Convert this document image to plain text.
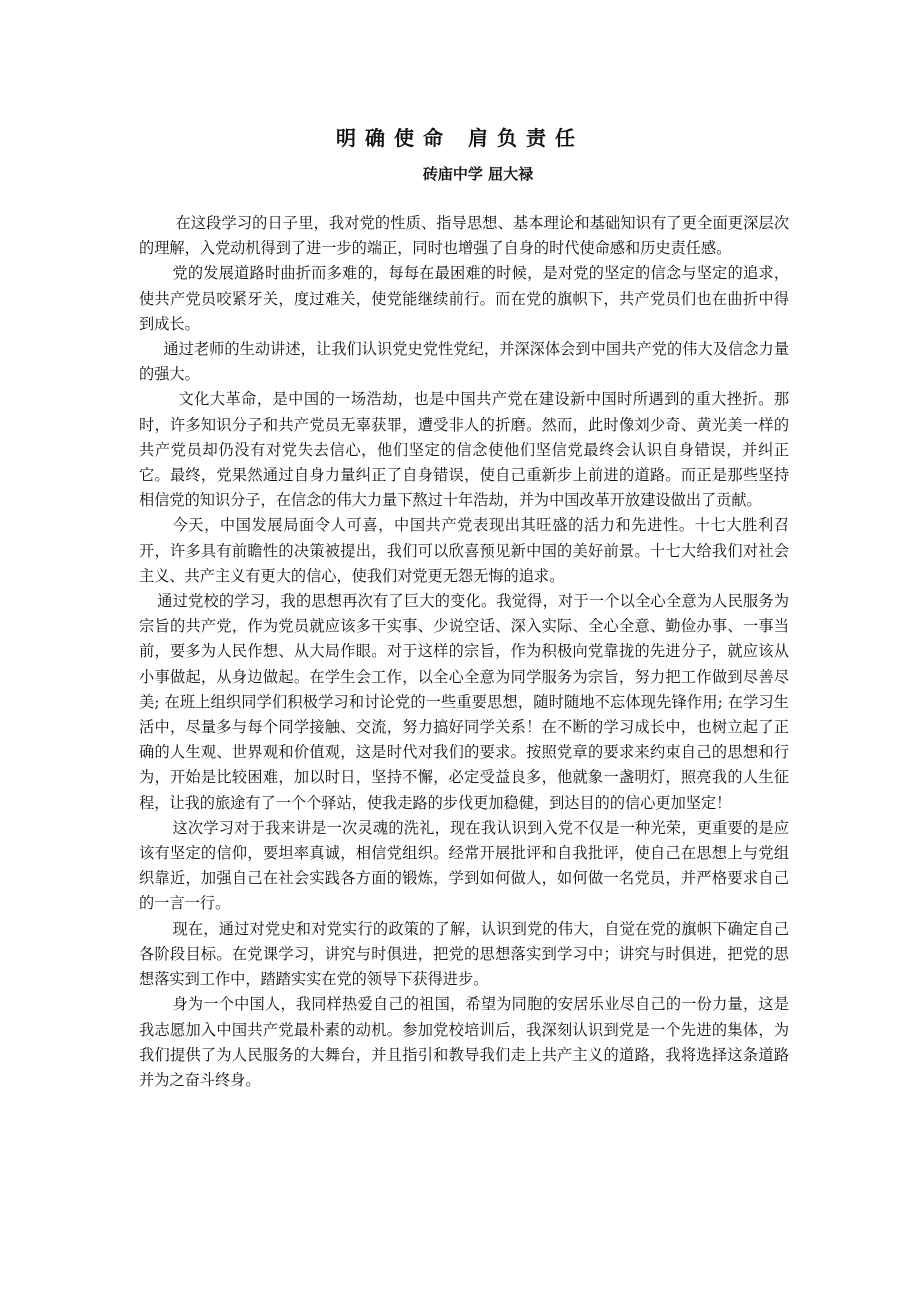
明确使命 肩负责任
砖庙中学 屈大禄

在这段学习的日子里，我对党的性质、指导思想、基本理论和基础知识有了更全面更深层次的理解，入党动机得到了进一步的端正，同时也增强了自身的时代使命感和历史责任感。

党的发展道路时曲折而多难的，每每在最困难的时候，是对党的坚定的信念与坚定的追求，使共产党员咬紧牙关，度过难关，使党能继续前行。而在党的旗帜下，共产党员们也在曲折中得到成长。

通过老师的生动讲述，让我们认识党史党性党纪，并深深体会到中国共产党的伟大及信念力量的强大。

文化大革命，是中国的一场浩劫，也是中国共产党在建设新中国时所遇到的重大挫折。那时，许多知识分子和共产党员无辜获罪，遭受非人的折磨。然而，此时像刘少奇、黄光美一样的共产党员却仍没有对党失去信心，他们坚定的信念使他们坚信党最终会认识自身错误，并纠正它。最终，党果然通过自身力量纠正了自身错误，使自己重新步上前进的道路。而正是那些坚持相信党的知识分子，在信念的伟大力量下熬过十年浩劫，并为中国改革开放建设做出了贡献。

今天，中国发展局面令人可喜，中国共产党表现出其旺盛的活力和先进性。十七大胜利召开，许多具有前瞻性的决策被提出，我们可以欣喜预见新中国的美好前景。十七大给我们对社会主义、共产主义有更大的信心，使我们对党更无怨无悔的追求。

通过党校的学习，我的思想再次有了巨大的变化。我觉得，对于一个以全心全意为人民服务为宗旨的共产党，作为党员就应该多干实事、少说空话、深入实际、全心全意、勤俭办事、一事当前，要多为人民作想、从大局作眼。对于这样的宗旨，作为积极向党靠拢的先进分子，就应该从小事做起，从身边做起。在学生会工作，以全心全意为同学服务为宗旨，努力把工作做到尽善尽美; 在班上组织同学们积极学习和讨论党的一些重要思想，随时随地不忘体现先锋作用; 在学习生活中，尽量多与每个同学接触、交流，努力搞好同学关系！在不断的学习成长中，也树立起了正确的人生观、世界观和价值观，这是时代对我们的要求。按照党章的要求来约束自己的思想和行为，开始是比较困难，加以时日，坚持不懈，必定受益良多，他就象一盏明灯，照亮我的人生征程，让我的旅途有了一个个驿站，使我走路的步伐更加稳健，到达目的的信心更加坚定！

这次学习对于我来讲是一次灵魂的洗礼，现在我认识到入党不仅是一种光荣，更重要的是应该有坚定的信仰，要坦率真诚，相信党组织。经常开展批评和自我批评，使自己在思想上与党组织靠近，加强自己在社会实践各方面的锻炼，学到如何做人，如何做一名党员，并严格要求自己的一言一行。

现在，通过对党史和对党实行的政策的了解，认识到党的伟大，自觉在党的旗帜下确定自己各阶段目标。在党课学习，讲究与时俱进，把党的思想落实到学习中；讲究与时俱进，把党的思想落实到工作中，踏踏实实在党的领导下获得进步。

身为一个中国人，我同样热爱自己的祖国，希望为同胞的安居乐业尽自己的一份力量，这是我志愿加入中国共产党最朴素的动机。参加党校培训后，我深刻认识到党是一个先进的集体，为我们提供了为人民服务的大舞台，并且指引和教导我们走上共产主义的道路，我将选择这条道路并为之奋斗终身。
